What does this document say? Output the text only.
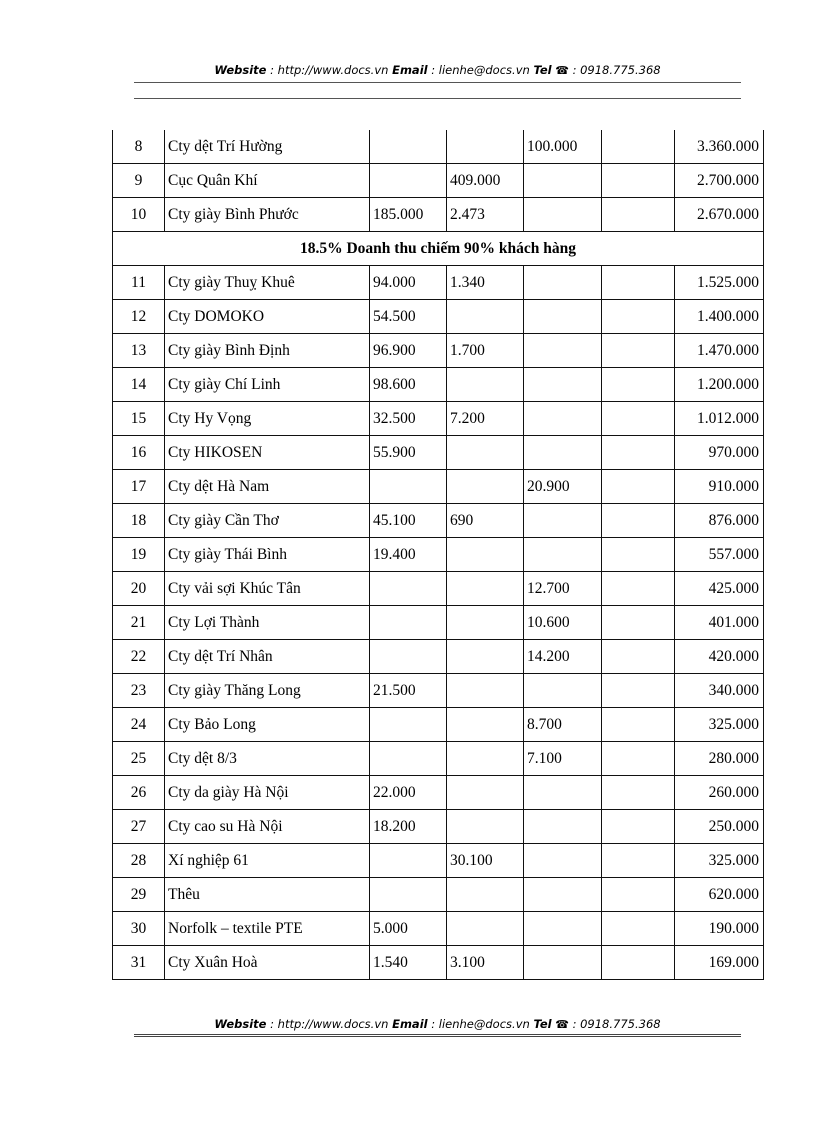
Website : http://www.docs.vn Email : lienhe@docs.vn Tel ☎ : 0918.775.368
8	Cty dệt Trí Hường			100.000		3.360.000
9	Cục Quân Khí		409.000			2.700.000
10	Cty giày Bình Phước	185.000	2.473			2.670.000
18.5% Doanh thu chiếm 90% khách hàng						
11	Cty giày Thuỵ Khuê	94.000	1.340			1.525.000
12	Cty DOMOKO	54.500				1.400.000
13	Cty giày Bình Định	96.900	1.700			1.470.000
14	Cty giày Chí Linh	98.600				1.200.000
15	Cty Hy Vọng	32.500	7.200			1.012.000
16	Cty HIKOSEN	55.900				970.000
17	Cty dệt Hà Nam			20.900		910.000
18	Cty giày Cần Thơ	45.100	690			876.000
19	Cty giày Thái Bình	19.400				557.000
20	Cty vải sợi Khúc Tân			12.700		425.000
21	Cty Lợi Thành			10.600		401.000
22	Cty dệt Trí Nhân			14.200		420.000
23	Cty giày Thăng Long	21.500				340.000
24	Cty Bảo Long			8.700		325.000
25	Cty dệt 8/3			7.100		280.000
26	Cty da giày Hà Nội	22.000				260.000
27	Cty cao su Hà Nội	18.200				250.000
28	Xí nghiệp 61		30.100			325.000
29	Thêu					620.000
30	Norfolk – textile PTE	5.000				190.000
31	Cty Xuân Hoà	1.540	3.100			169.000
Website : http://www.docs.vn Email : lienhe@docs.vn Tel ☎ : 0918.775.368
